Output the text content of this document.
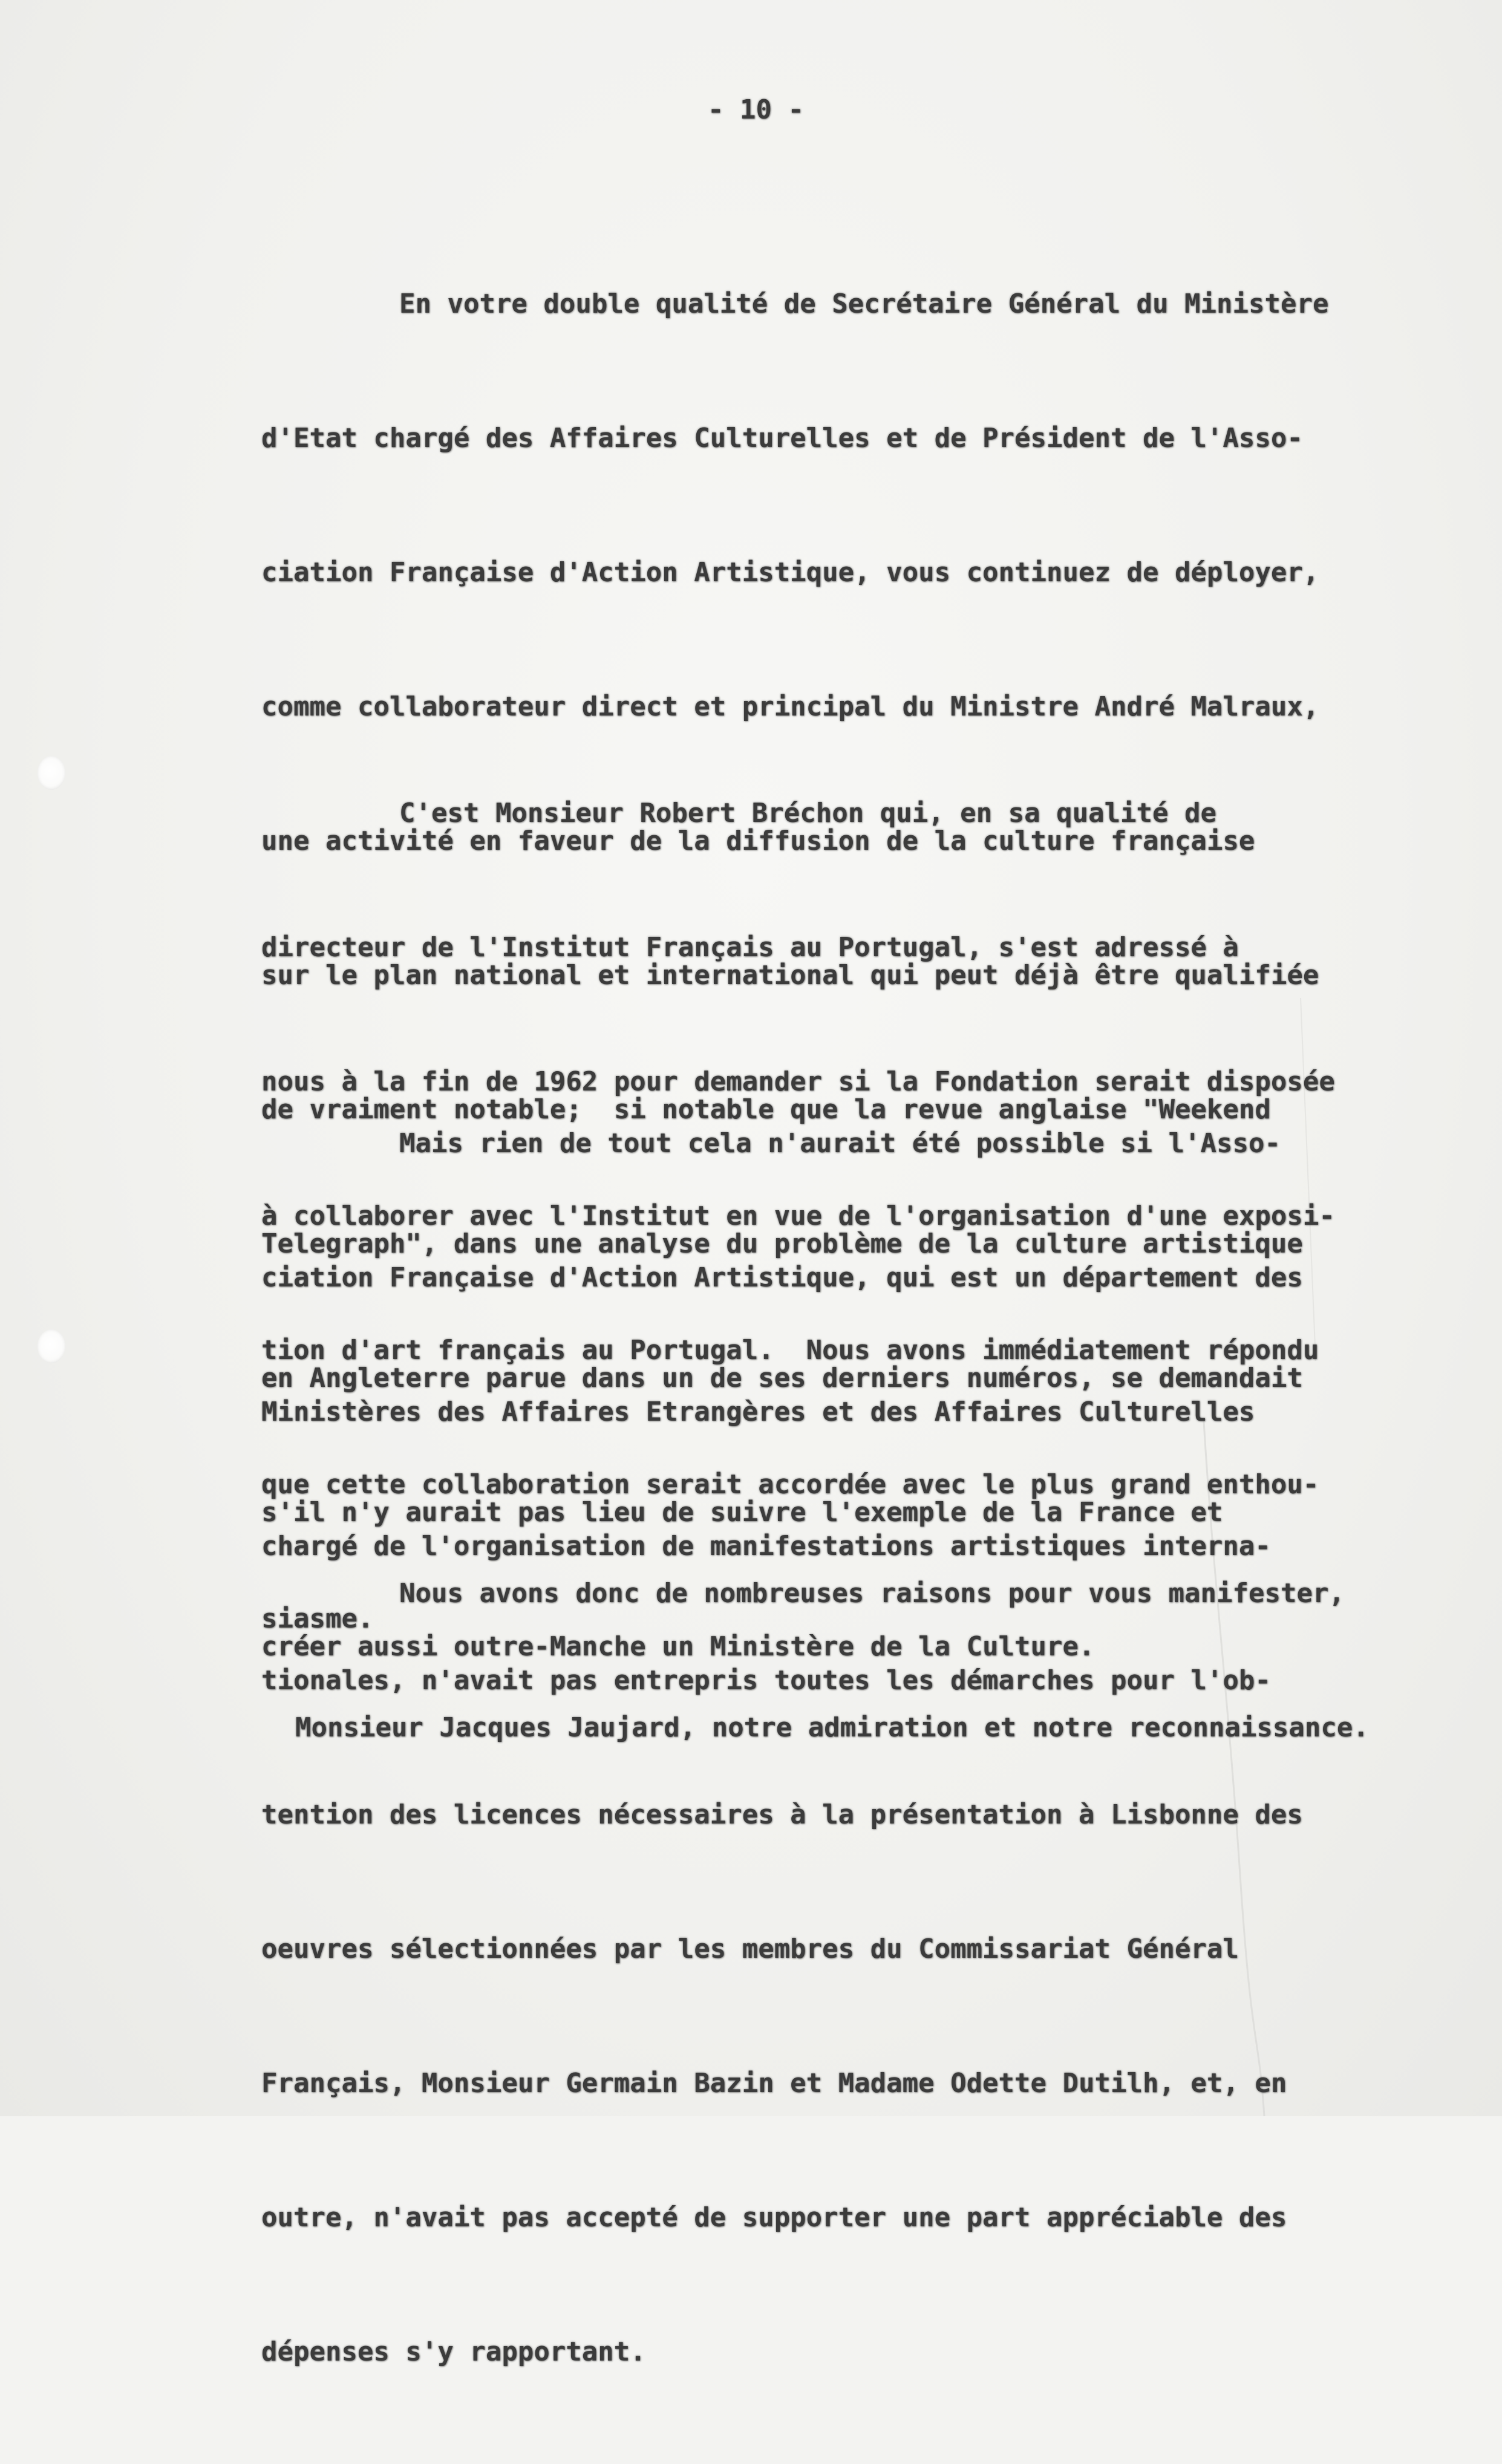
- 10 -

En votre double qualité de Secrétaire Général du Ministère

d'Etat chargé des Affaires Culturelles et de Président de l'Asso-

ciation Française d'Action Artistique, vous continuez de déployer,

comme collaborateur direct et principal du Ministre André Malraux,

une activité en faveur de la diffusion de la culture française

sur le plan national et international qui peut déjà être qualifiée

de vraiment notable;  si notable que la revue anglaise "Weekend

Telegraph", dans une analyse du problème de la culture artistique

en Angleterre parue dans un de ses derniers numéros, se demandait

s'il n'y aurait pas lieu de suivre l'exemple de la France et

créer aussi outre-Manche un Ministère de la Culture.

C'est Monsieur Robert Bréchon qui, en sa qualité de

directeur de l'Institut Français au Portugal, s'est adressé à

nous à la fin de 1962 pour demander si la Fondation serait disposée

à collaborer avec l'Institut en vue de l'organisation d'une exposi-

tion d'art français au Portugal.  Nous avons immédiatement répondu

que cette collaboration serait accordée avec le plus grand enthou-

siasme.

Mais rien de tout cela n'aurait été possible si l'Asso-

ciation Française d'Action Artistique, qui est un département des

Ministères des Affaires Etrangères et des Affaires Culturelles

chargé de l'organisation de manifestations artistiques interna-

tionales, n'avait pas entrepris toutes les démarches pour l'ob-

tention des licences nécessaires à la présentation à Lisbonne des

oeuvres sélectionnées par les membres du Commissariat Général

Français, Monsieur Germain Bazin et Madame Odette Dutilh, et, en

outre, n'avait pas accepté de supporter une part appréciable des

dépenses s'y rapportant.

Nous avons donc de nombreuses raisons pour vous manifester,

Monsieur Jacques Jaujard, notre admiration et notre reconnaissance.
